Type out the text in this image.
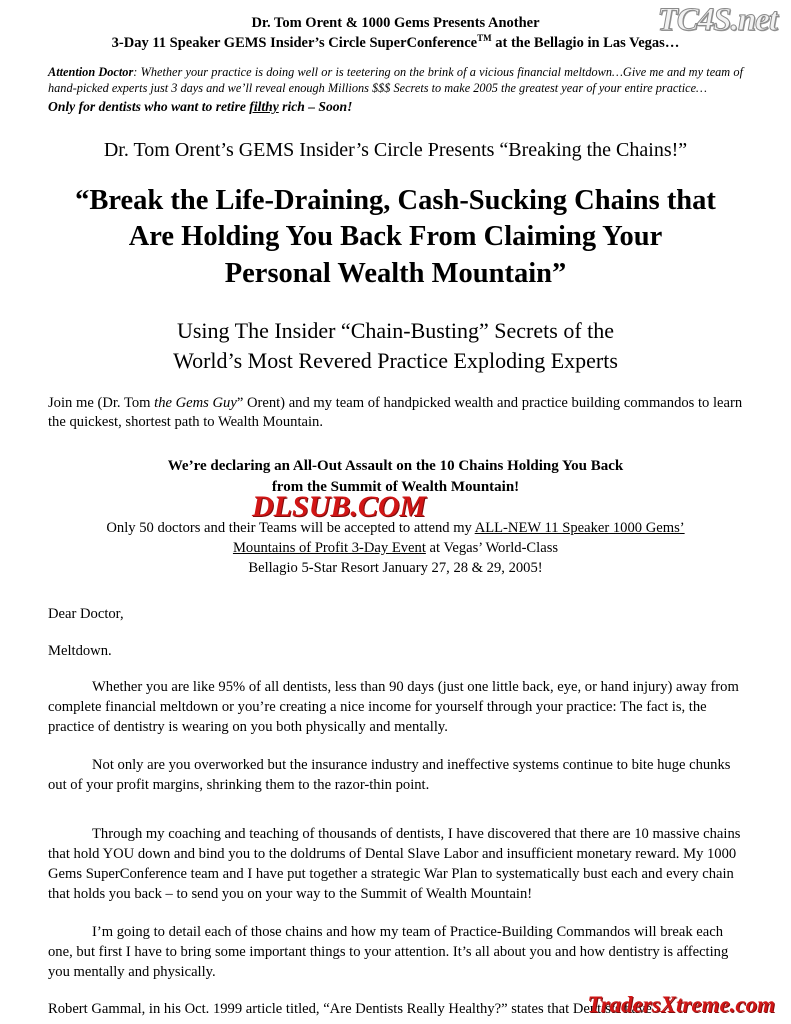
TC4S.net
Dr. Tom Orent & 1000 Gems Presents Another
3-Day 11 Speaker GEMS Insider’s Circle SuperConference™ at the Bellagio in Las Vegas…
Attention Doctor: Whether your practice is doing well or is teetering on the brink of a vicious financial meltdown…Give me and my team of hand-picked experts just 3 days and we’ll reveal enough Millions $$$ Secrets to make 2005 the greatest year of your entire practice…
Only for dentists who want to retire filthy rich – Soon!
Dr. Tom Orent’s GEMS Insider’s Circle Presents “Breaking the Chains!”
“Break the Life-Draining, Cash-Sucking Chains that
Are Holding You Back From Claiming Your
Personal Wealth Mountain”
Using The Insider “Chain-Busting” Secrets of the
World’s Most Revered Practice Exploding Experts
Join me (Dr. Tom the Gems Guy” Orent) and my team of handpicked wealth and practice building commandos to learn the quickest, shortest path to Wealth Mountain.
We’re declaring an All-Out Assault on the 10 Chains Holding You Back
from the Summit of Wealth Mountain!
Only 50 doctors and their Teams will be accepted to attend my ALL-NEW 11 Speaker 1000 Gems’
Mountains of Profit 3-Day Event at Vegas’ World-Class
Bellagio 5-Star Resort January 27, 28 & 29, 2005!
DLSUB.COM
Dear Doctor,
Meltdown.
Whether you are like 95% of all dentists, less than 90 days (just one little back, eye, or hand injury) away from complete financial meltdown or you’re creating a nice income for yourself through your practice: The fact is, the practice of dentistry is wearing on you both physically and mentally.
Not only are you overworked but the insurance industry and ineffective systems continue to bite huge chunks out of your profit margins, shrinking them to the razor-thin point.
Through my coaching and teaching of thousands of dentists, I have discovered that there are 10 massive chains that hold YOU down and bind you to the doldrums of Dental Slave Labor and insufficient monetary reward. My 1000 Gems SuperConference team and I have put together a strategic War Plan to systematically bust each and every chain that holds you back – to send you on your way to the Summit of Wealth Mountain!
I’m going to detail each of those chains and how my team of Practice-Building Commandos will break each one, but first I have to bring some important things to your attention. It’s all about you and how dentistry is affecting you mentally and physically.
Robert Gammal, in his Oct. 1999 article titled, “Are Dentists Really Healthy?” states that Dentists have
TradersXtreme.com
